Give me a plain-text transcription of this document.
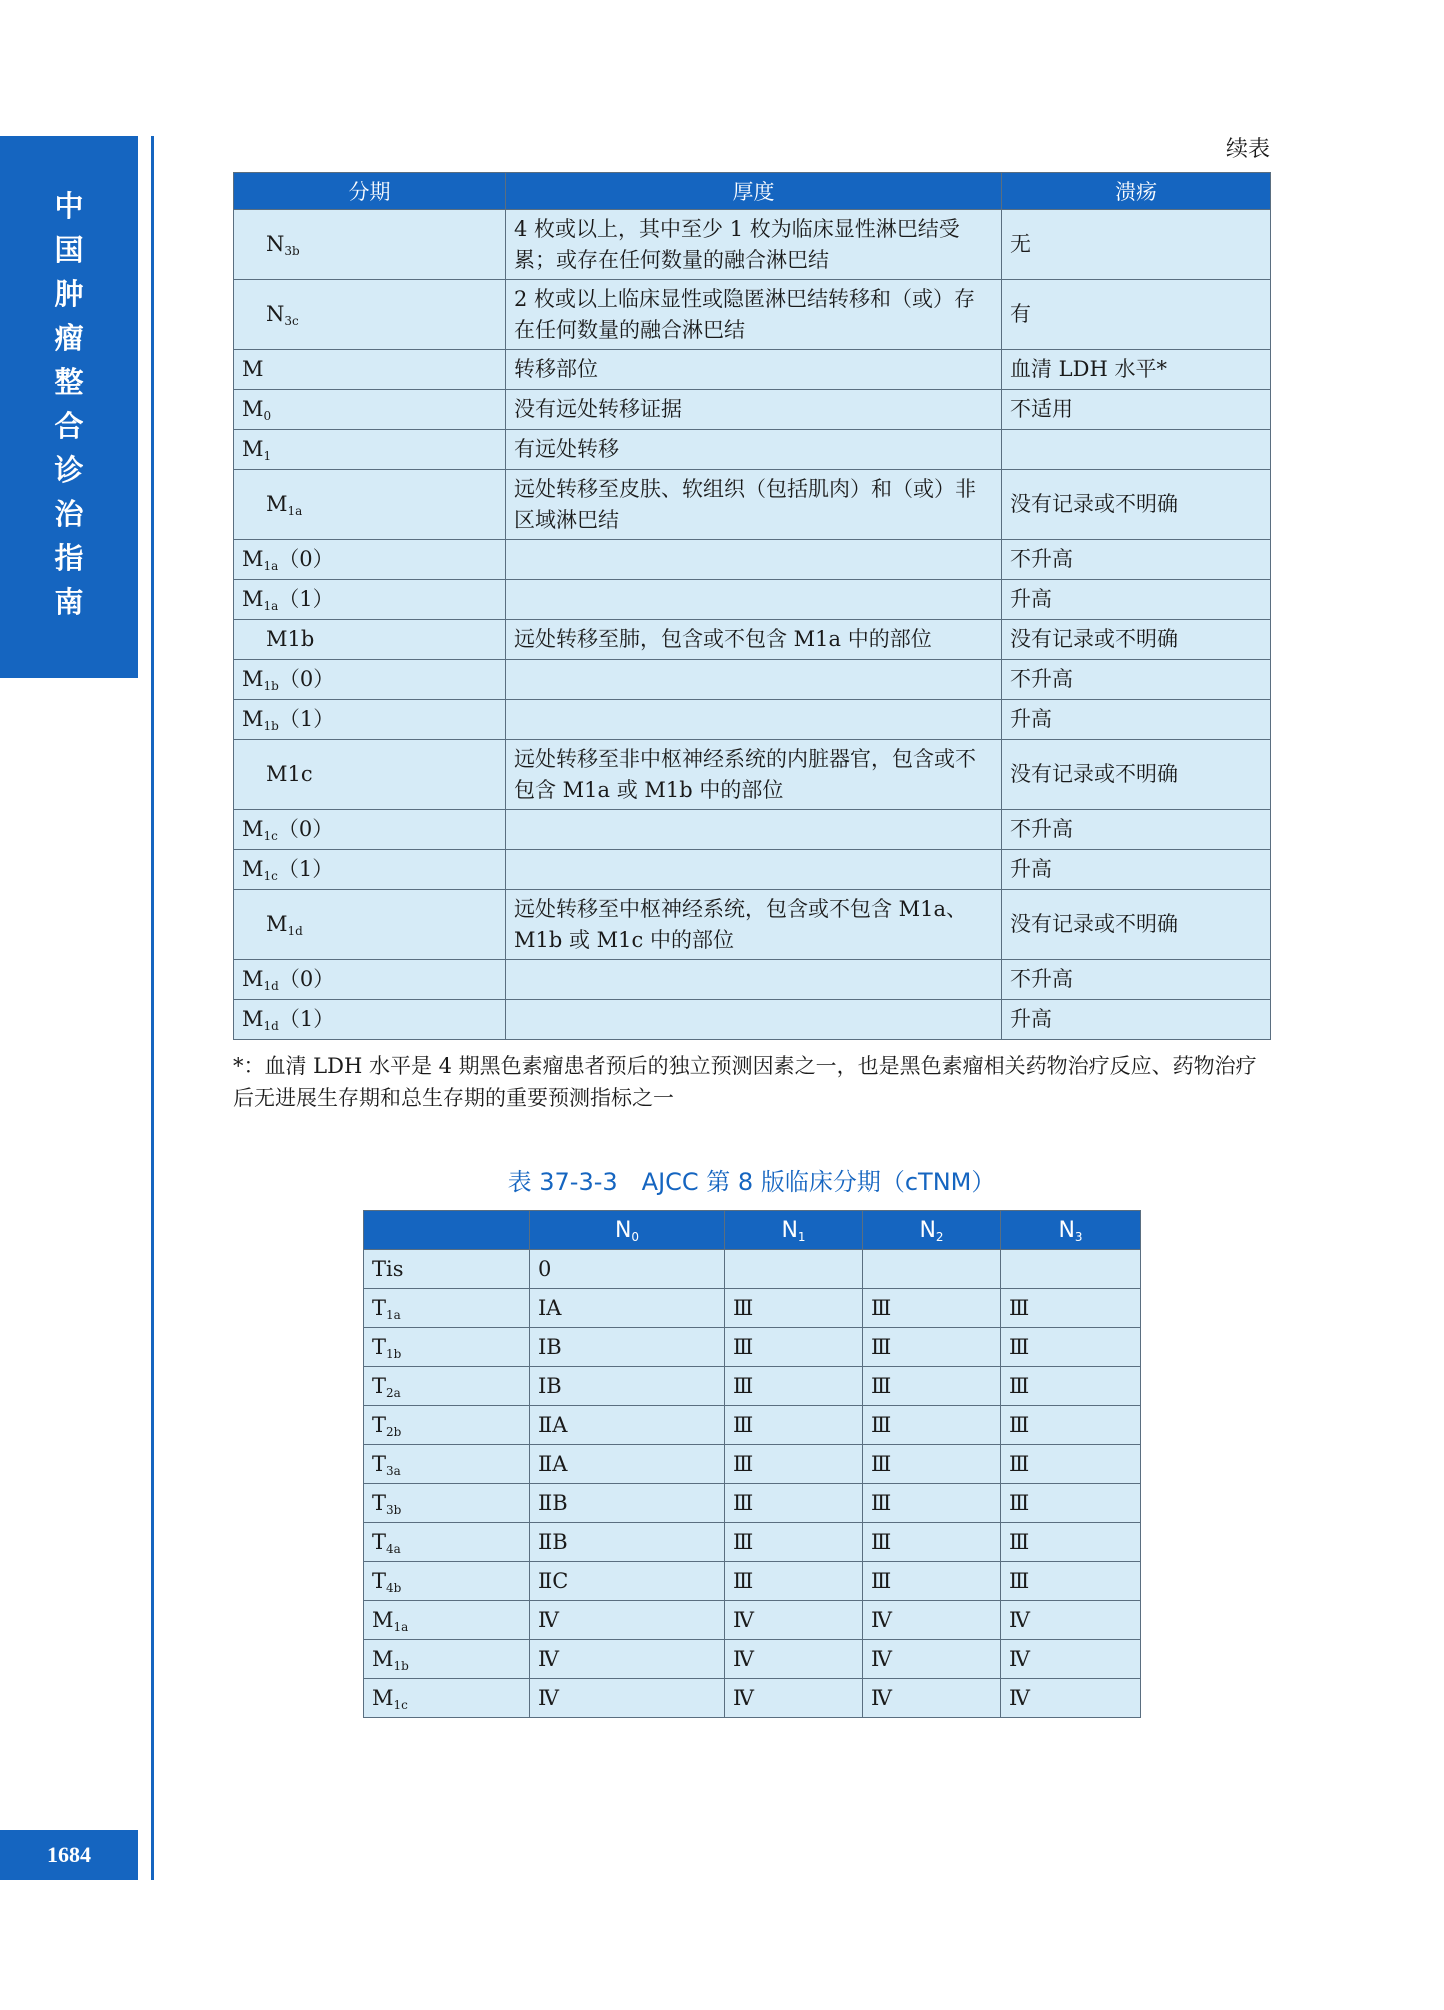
中
国
肿
瘤
整
合
诊
治
指
南
1684
续表
分期	厚度	溃疡
$N_{3b}$	4 枚或以上，其中至少 1 枚为临床显性淋巴结受累；或存在任何数量的融合淋巴结	无
$N_{3c}$	2 枚或以上临床显性或隐匿淋巴结转移和（或）存在任何数量的融合淋巴结	有
M	转移部位	血清 LDH 水平*
$M_0$	没有远处转移证据	不适用
$M_1$	有远处转移	
$M_{1a}$	远处转移至皮肤、软组织（包括肌肉）和（或）非区域淋巴结	没有记录或不明确
$M_{1a}(0)$		不升高
$M_{1a}(1)$		升高
M1b	远处转移至肺，包含或不包含 M1a 中的部位	没有记录或不明确
$M_{1b}(0)$		不升高
$M_{1b}(1)$		升高
M1c	远处转移至非中枢神经系统的内脏器官，包含或不包含 M1a 或 M1b 中的部位	没有记录或不明确
$M_{1c}(0)$		不升高
$M_{1c}(1)$		升高
$M_{1d}$	远处转移至中枢神经系统，包含或不包含 M1a、M1b 或 M1c 中的部位	没有记录或不明确
$M_{1d}(0)$		不升高
$M_{1d}(1)$		升高
*：血清 LDH 水平是 4 期黑色素瘤患者预后的独立预测因素之一，也是黑色素瘤相关药物治疗反应、药物治疗后无进展生存期和总生存期的重要预测指标之一
表 37-3-3　AJCC 第 8 版临床分期（cTNM）
	$N_0$	$N_1$	$N_2$	$N_3$
Tis	0			
$T_{1a}$	ⅠA	Ⅲ	Ⅲ	Ⅲ
$T_{1b}$	ⅠB	Ⅲ	Ⅲ	Ⅲ
$T_{2a}$	ⅠB	Ⅲ	Ⅲ	Ⅲ
$T_{2b}$	ⅡA	Ⅲ	Ⅲ	Ⅲ
$T_{3a}$	ⅡA	Ⅲ	Ⅲ	Ⅲ
$T_{3b}$	ⅡB	Ⅲ	Ⅲ	Ⅲ
$T_{4a}$	ⅡB	Ⅲ	Ⅲ	Ⅲ
$T_{4b}$	ⅡC	Ⅲ	Ⅲ	Ⅲ
$M_{1a}$	Ⅳ	Ⅳ	Ⅳ	Ⅳ
$M_{1b}$	Ⅳ	Ⅳ	Ⅳ	Ⅳ
$M_{1c}$	Ⅳ	Ⅳ	Ⅳ	Ⅳ
